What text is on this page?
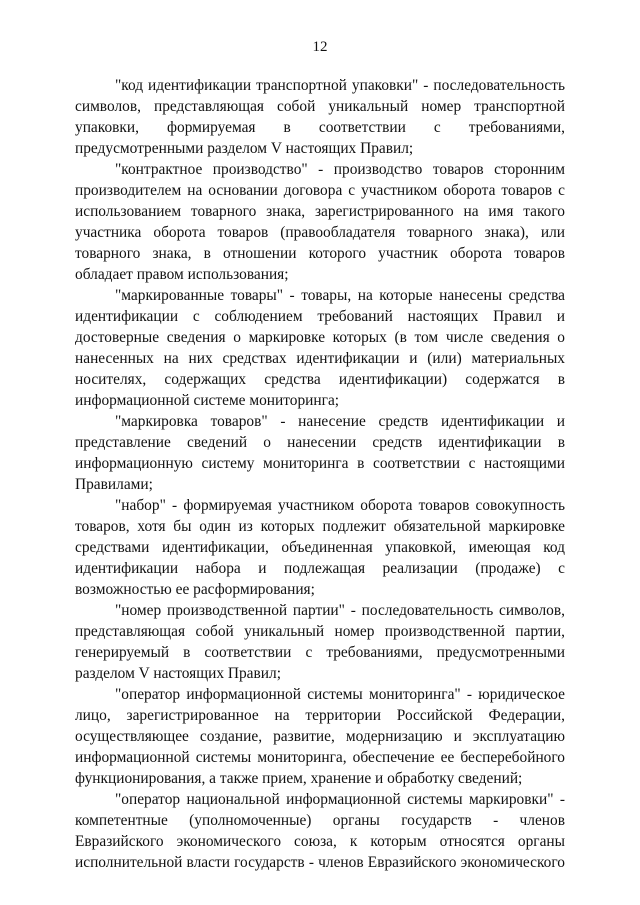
12

"код идентификации транспортной упаковки" - последовательность символов, представляющая собой уникальный номер транспортной упаковки, формируемая в соответствии с требованиями, предусмотренными разделом V настоящих Правил;

"контрактное производство" - производство товаров сторонним производителем на основании договора с участником оборота товаров с использованием товарного знака, зарегистрированного на имя такого участника оборота товаров (правообладателя товарного знака), или товарного знака, в отношении которого участник оборота товаров обладает правом использования;

"маркированные товары" - товары, на которые нанесены средства идентификации с соблюдением требований настоящих Правил и достоверные сведения о маркировке которых (в том числе сведения о нанесенных на них средствах идентификации и (или) материальных носителях, содержащих средства идентификации) содержатся в информационной системе мониторинга;

"маркировка товаров" - нанесение средств идентификации и представление сведений о нанесении средств идентификации в информационную систему мониторинга в соответствии с настоящими Правилами;

"набор" - формируемая участником оборота товаров совокупность товаров, хотя бы один из которых подлежит обязательной маркировке средствами идентификации, объединенная упаковкой, имеющая код идентификации набора и подлежащая реализации (продаже) с возможностью ее расформирования;

"номер производственной партии" - последовательность символов, представляющая собой уникальный номер производственной партии, генерируемый в соответствии с требованиями, предусмотренными разделом V настоящих Правил;

"оператор информационной системы мониторинга" - юридическое лицо, зарегистрированное на территории Российской Федерации, осуществляющее создание, развитие, модернизацию и эксплуатацию информационной системы мониторинга, обеспечение ее бесперебойного функционирования, а также прием, хранение и обработку сведений;

"оператор национальной информационной системы маркировки" - компетентные (уполномоченные) органы государств - членов Евразийского экономического союза, к которым относятся органы исполнительной власти государств - членов Евразийского экономического
